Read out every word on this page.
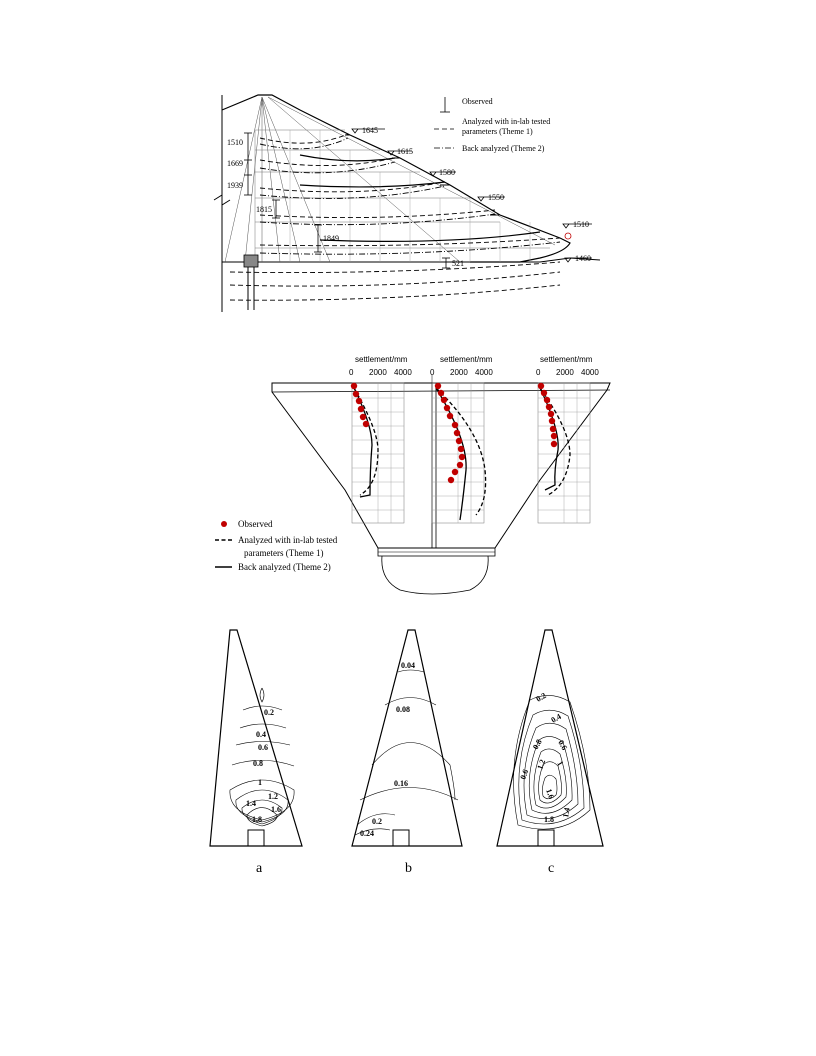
Observed
Analyzed with in-lab tested
parameters (Theme 1)
Back analyzed (Theme 2)
1645
1615
1580
1550
1510
1460
1510
1669
1939
1815
1849
521
settlement/mm	settlement/mm	settlement/mm
0 2000 4000 0 2000 4000	0 2000 4000
Observed
Analyzed with in-lab tested
parameters (Theme 1)
Back analyzed (Theme 2)
0.2
0.4
0.6
0.8
1
1.2
1.4
1.6
1.8
a
0.04
0.08
0.16
0.2
0.24
b
0.2
0.4
0.8 0.6
1.2 1
0.6
1.6
1.8
1.4
c
